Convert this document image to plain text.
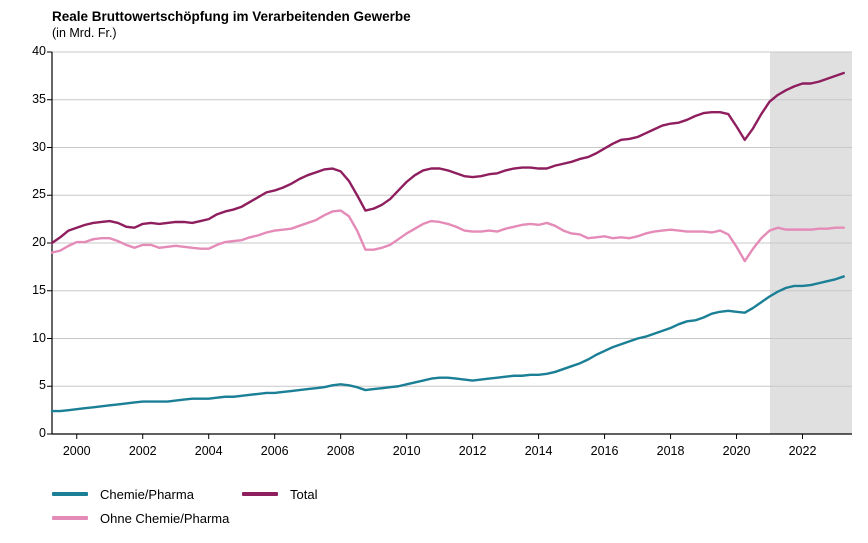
Reale Bruttowertschöpfung im Verarbeitenden Gewerbe
(in Mrd. Fr.)
0
5
10
15
20
25
30
35
40
2000	2002	2004	2006	2008	2010	2012	2014	2016	2018	2020	2022
Chemie/Pharma	Total
Ohne Chemie/Pharma
